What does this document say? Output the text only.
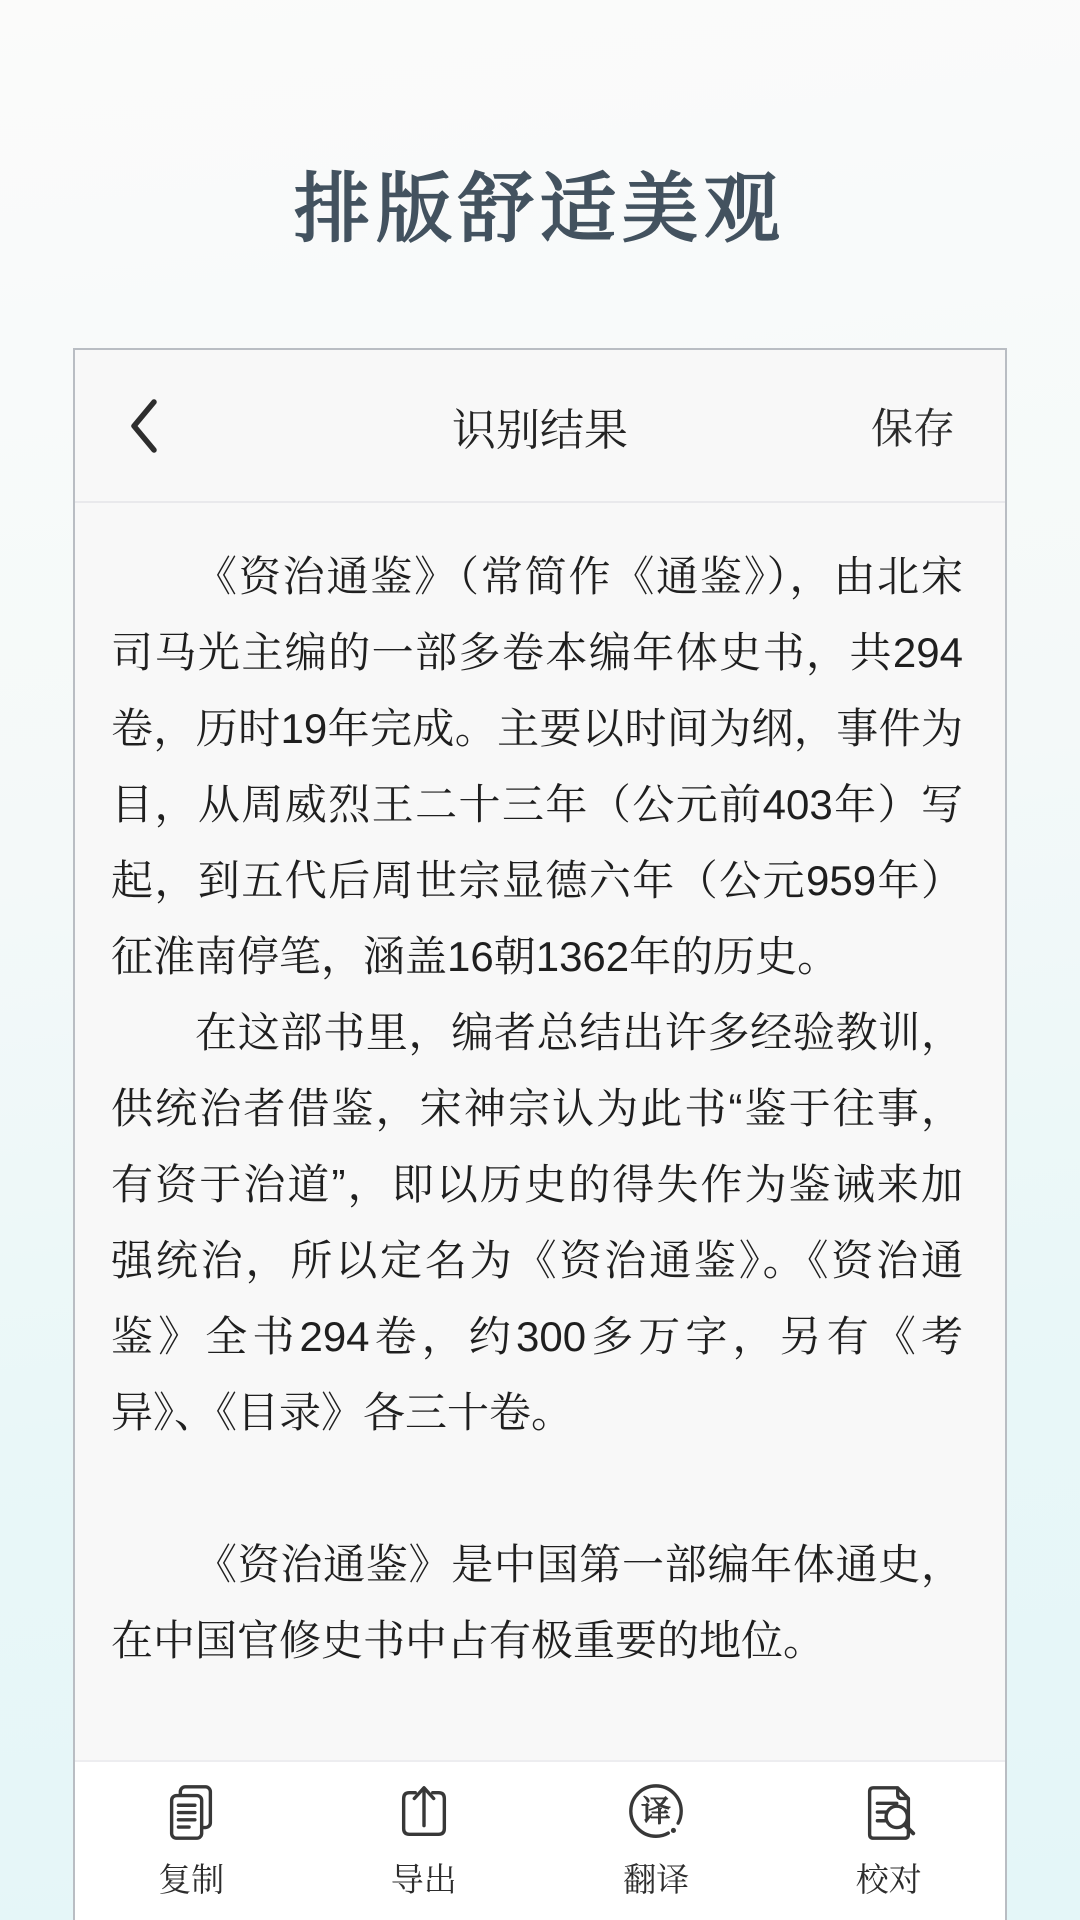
排版舒适美观
识别结果	保存

《资治通鉴》（常简作《通鉴》），由北宋司马光主编的一部多卷本编年体史书，共294卷，历时19年完成。主要以时间为纲，事件为目，从周威烈王二十三年（公元前403年）写起，到五代后周世宗显德六年（公元959年）征淮南停笔，涵盖16朝1362年的历史。

在这部书里，编者总结出许多经验教训，供统治者借鉴，宋神宗认为此书“鉴于往事，有资于治道”，即以历史的得失作为鉴诫来加强统治，所以定名为《资治通鉴》。《资治通鉴》全书294卷，约300多万字，另有《考异》、《目录》各三十卷。

《资治通鉴》是中国第一部编年体通史，在中国官修史书中占有极重要的地位。

复制	导出
译
翻译	校对
